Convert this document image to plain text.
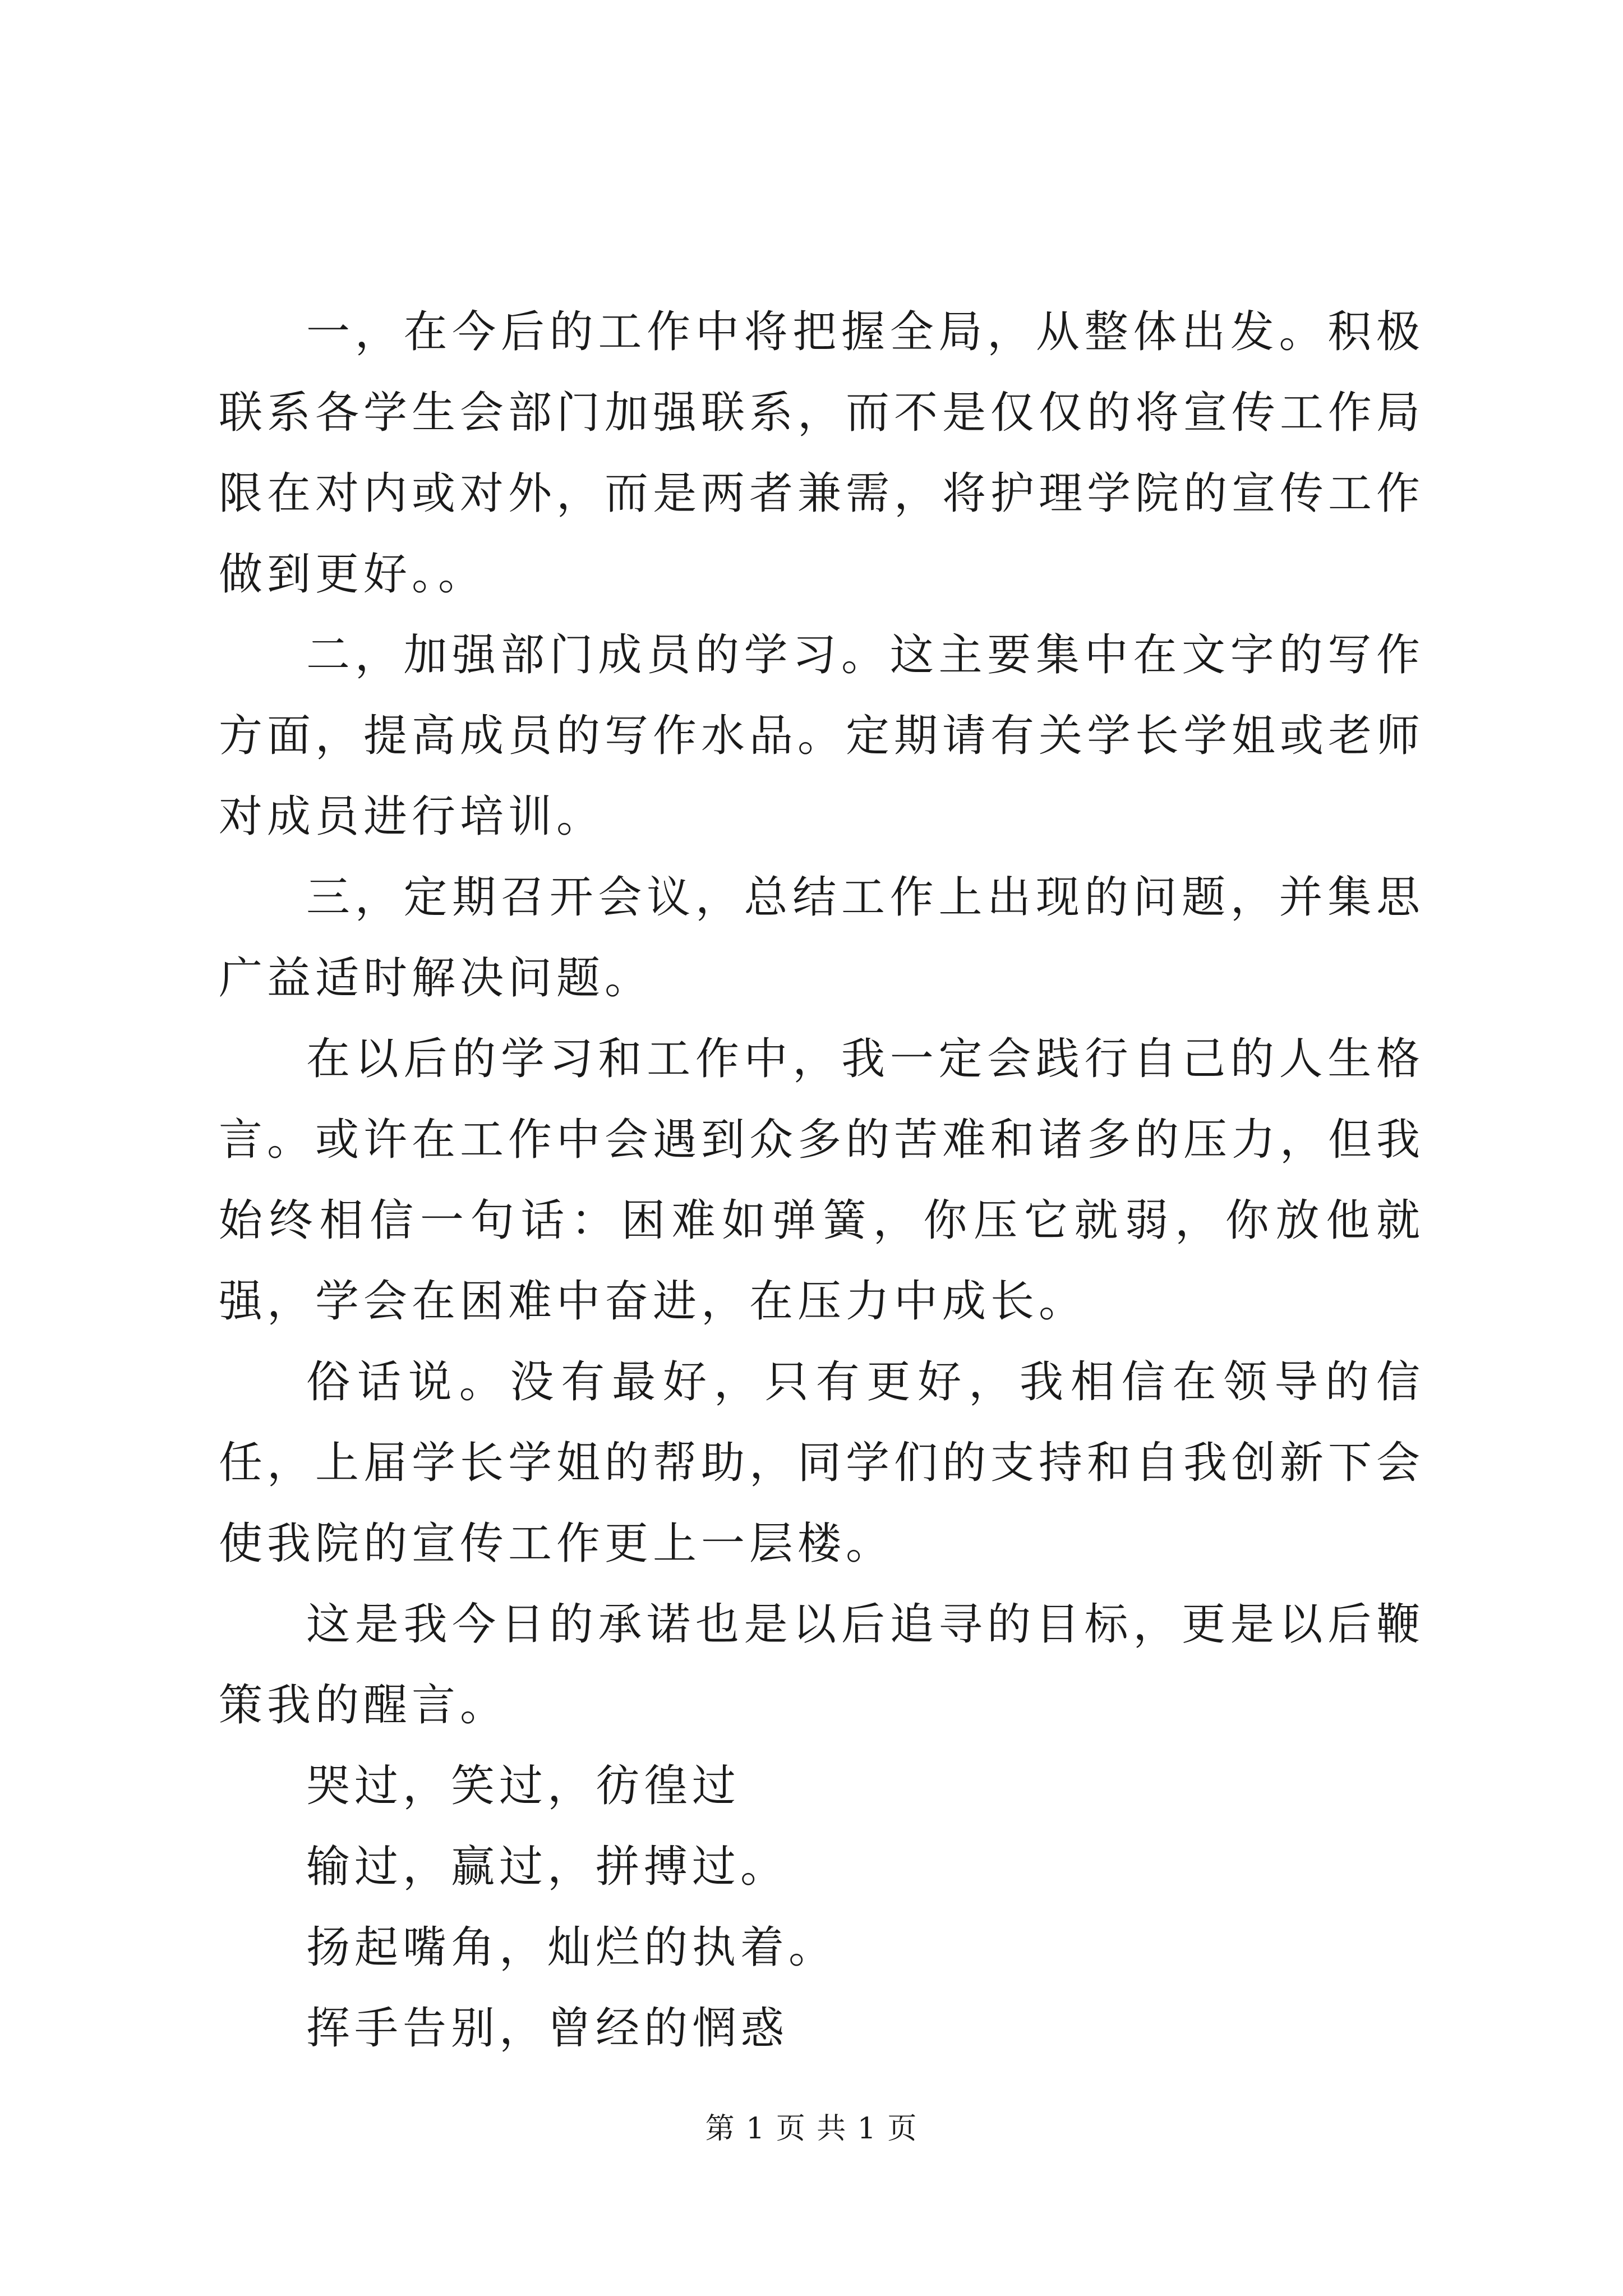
一，在今后的工作中将把握全局，从整体出发。积极联系各学生会部门加强联系，而不是仅仅的将宣传工作局限在对内或对外，而是两者兼需，将护理学院的宣传工作做到更好。。

二，加强部门成员的学习。这主要集中在文字的写作方面，提高成员的写作水品。定期请有关学长学姐或老师对成员进行培训。

三，定期召开会议，总结工作上出现的问题，并集思广益适时解决问题。

在以后的学习和工作中，我一定会践行自己的人生格言。或许在工作中会遇到众多的苦难和诸多的压力，但我始终相信一句话：困难如弹簧，你压它就弱，你放他就强，学会在困难中奋进，在压力中成长。

俗话说。没有最好，只有更好，我相信在领导的信任，上届学长学姐的帮助，同学们的支持和自我创新下会使我院的宣传工作更上一层楼。

这是我今日的承诺也是以后追寻的目标，更是以后鞭策我的醒言。

哭过，笑过，彷徨过

输过，赢过，拼搏过。

扬起嘴角，灿烂的执着。

挥手告别，曾经的惘惑

第 1 页 共 1 页
